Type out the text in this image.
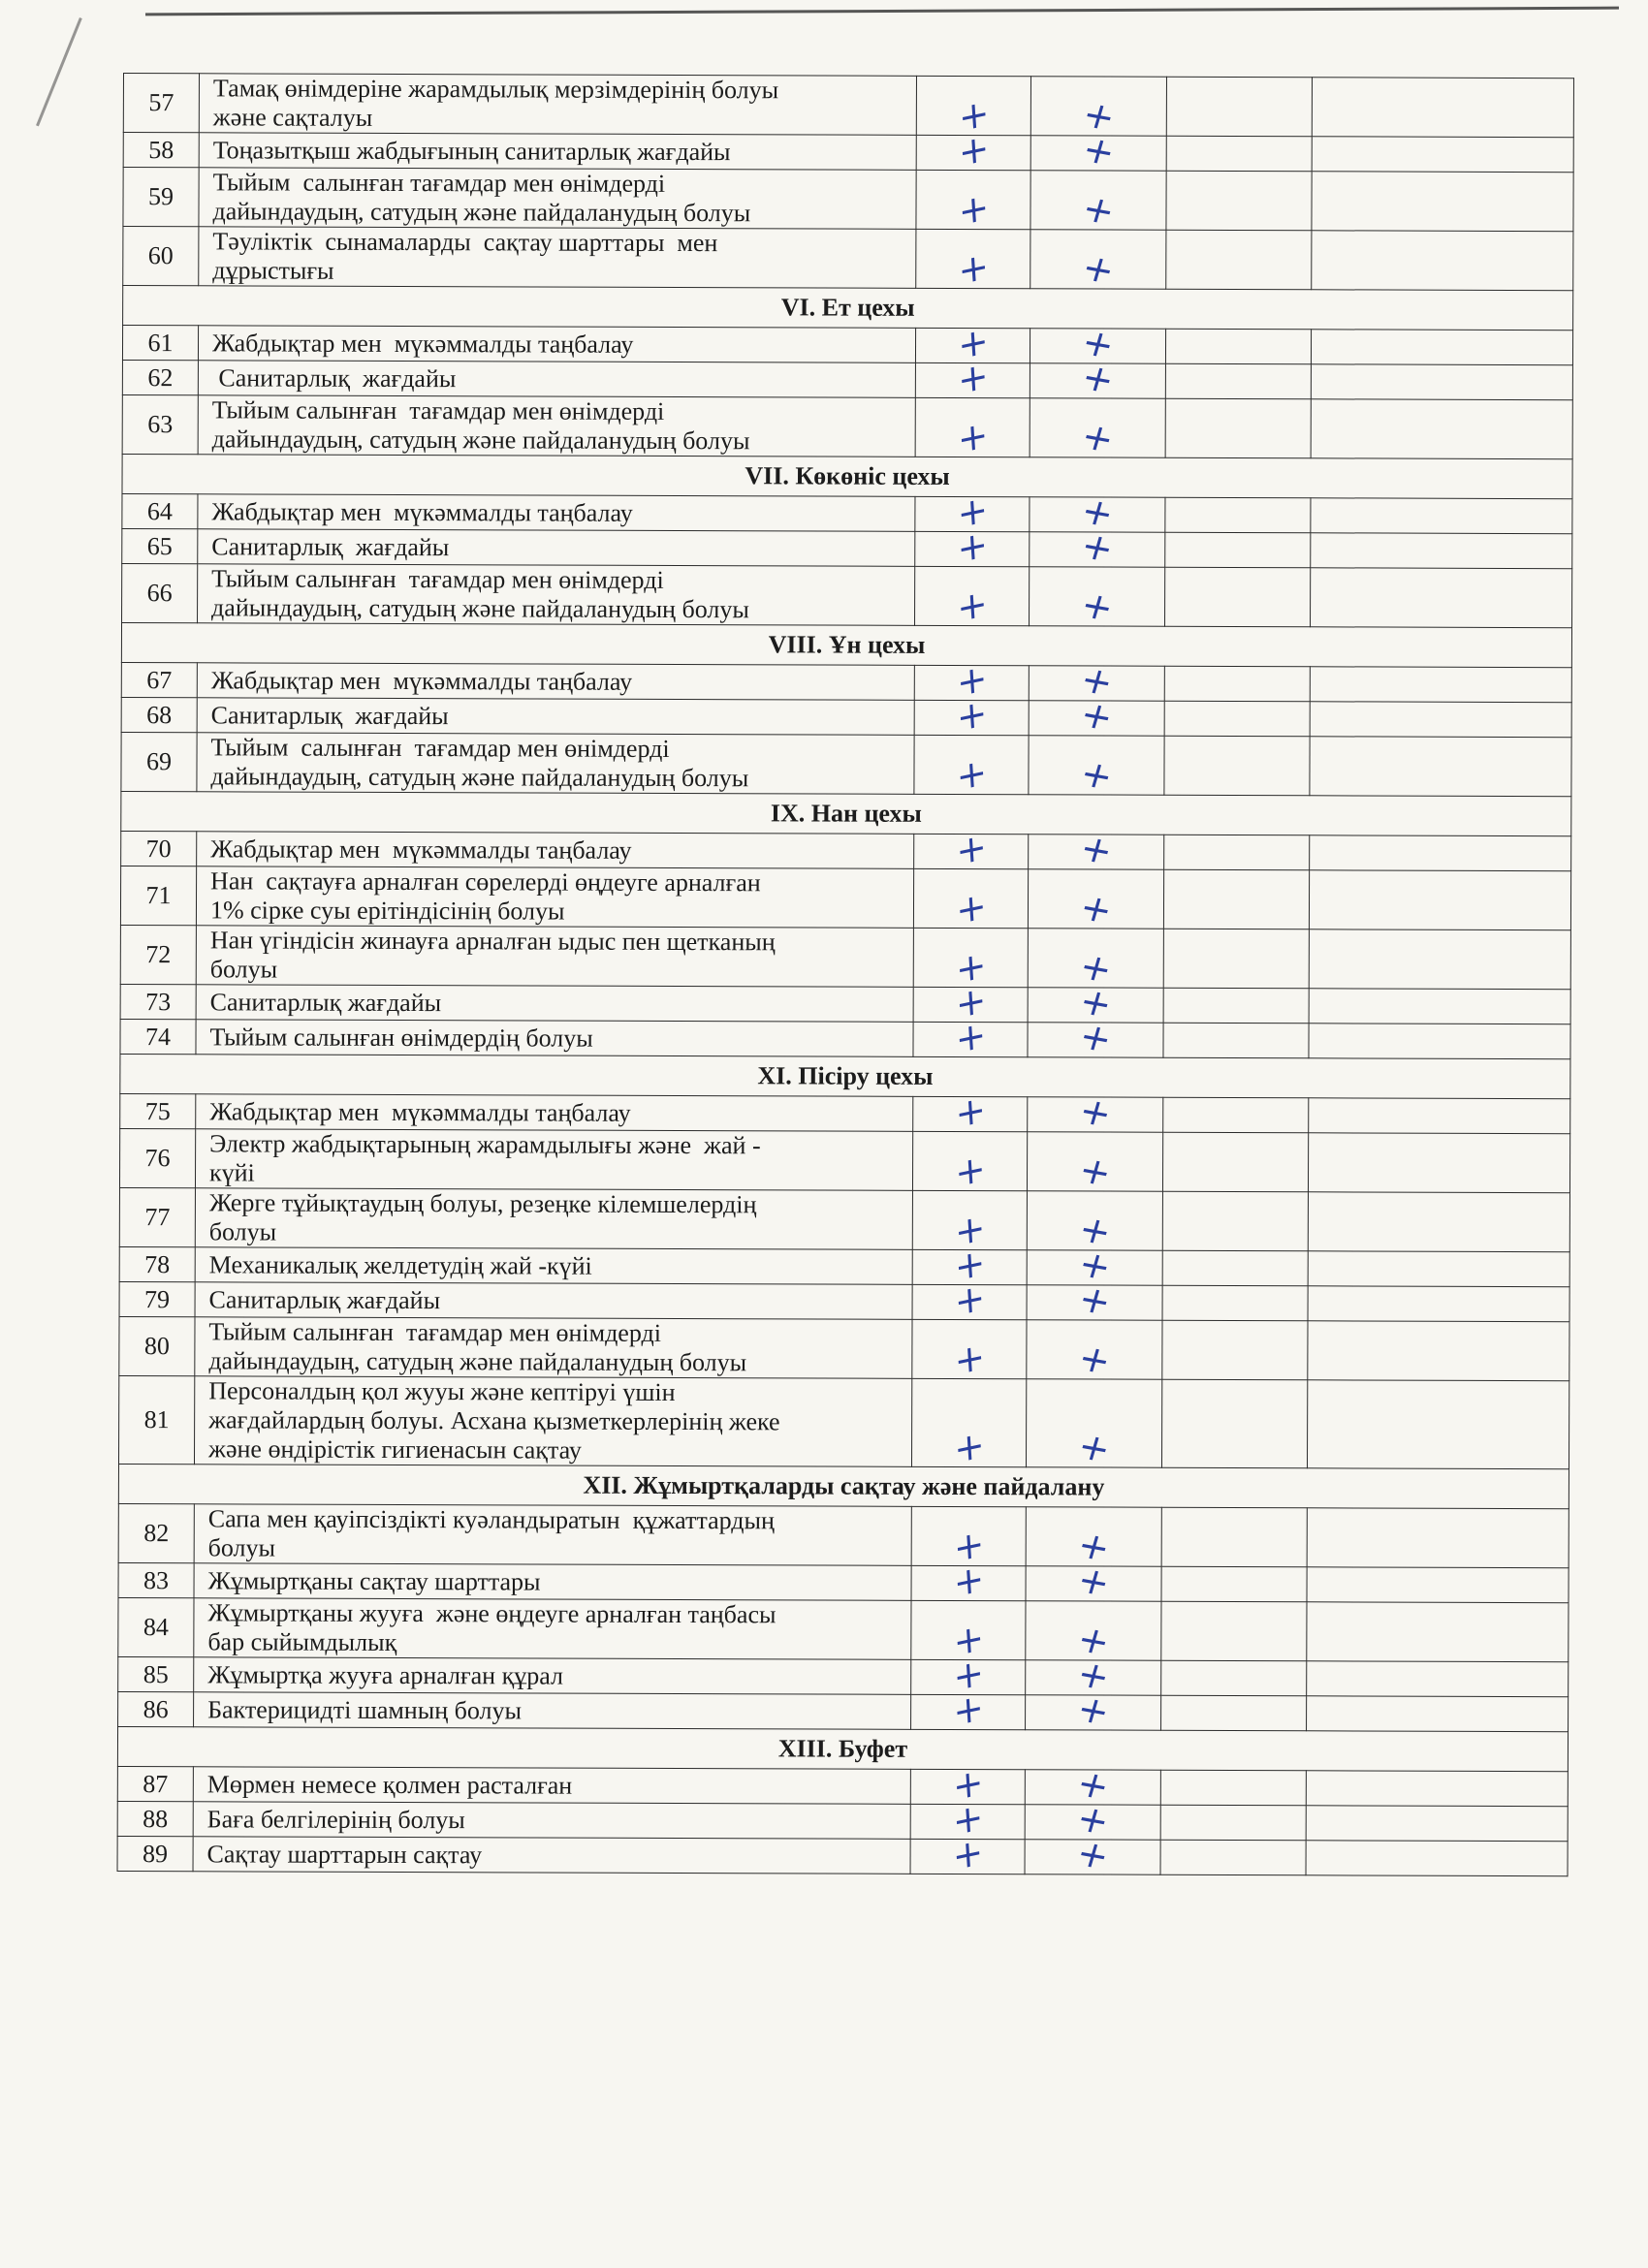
57	Тамақ өнімдеріне жарамдылық мерзімдерінің болуы
және сақталуы	+	+		
58	Тоңазытқыш жабдығының санитарлық жағдайы	+	+		
59	Тыйым  салынған тағамдар мен өнімдерді
дайындаудың, сатудың және пайдаланудың болуы	+	+		
60	Тәуліктік  сынамаларды  сақтау шарттары  мен
дұрыстығы	+	+		
VI. Ет цехы					
61	Жабдықтар мен  мүкәммалды таңбалау	+	+		
62	Санитарлық  жағдайы	+	+		
63	Тыйым салынған  тағамдар мен өнімдерді
дайындаудың, сатудың және пайдаланудың болуы	+	+		
VII. Көкөніс цехы					
64	Жабдықтар мен  мүкәммалды таңбалау	+	+		
65	Санитарлық  жағдайы	+	+		
66	Тыйым салынған  тағамдар мен өнімдерді
дайындаудың, сатудың және пайдаланудың болуы	+	+		
VIII. Ұн цехы					
67	Жабдықтар мен  мүкәммалды таңбалау	+	+		
68	Санитарлық  жағдайы	+	+		
69	Тыйым  салынған  тағамдар мен өнімдерді
дайындаудың, сатудың және пайдаланудың болуы	+	+		
IX. Нан цехы					
70	Жабдықтар мен  мүкәммалды таңбалау	+	+		
71	Нан  сақтауға арналған сөрелерді өңдеуге арналған
1% сірке суы ерітіндісінің болуы	+	+		
72	Нан үгіндісін жинауға арналған ыдыс пен щетканың
болуы	+	+		
73	Санитарлық жағдайы	+	+		
74	Тыйым салынған өнімдердің болуы	+	+		
XI. Пісіру цехы					
75	Жабдықтар мен  мүкәммалды таңбалау	+	+		
76	Электр жабдықтарының жарамдылығы және  жай -
күйі	+	+		
77	Жерге тұйықтаудың болуы, резеңке кілемшелердің
болуы	+	+		
78	Механикалық желдетудің жай -күйі	+	+		
79	Санитарлық жағдайы	+	+		
80	Тыйым салынған  тағамдар мен өнімдерді
дайындаудың, сатудың және пайдаланудың болуы	+	+		
81	Персоналдың қол жууы және кептіруі үшін
жағдайлардың болуы. Асхана қызметкерлерінің жеке
және өндірістік гигиенасын сақтау	+	+		
XII. Жұмыртқаларды сақтау және пайдалану					
82	Сапа мен қауіпсіздікті куәландыратын  құжаттардың
болуы	+	+		
83	Жұмыртқаны сақтау шарттары	+	+		
84	Жұмыртқаны жууға  және өңдеуге арналған таңбасы
бар сыйымдылық	+	+		
85	Жұмыртқа жууға арналған құрал	+	+		
86	Бактерицидті шамның болуы	+	+		
XIII. Буфет					
87	Мөрмен немесе қолмен расталған	+	+		
88	Баға белгілерінің болуы	+	+		
89	Сақтау шарттарын сақтау	+	+		
